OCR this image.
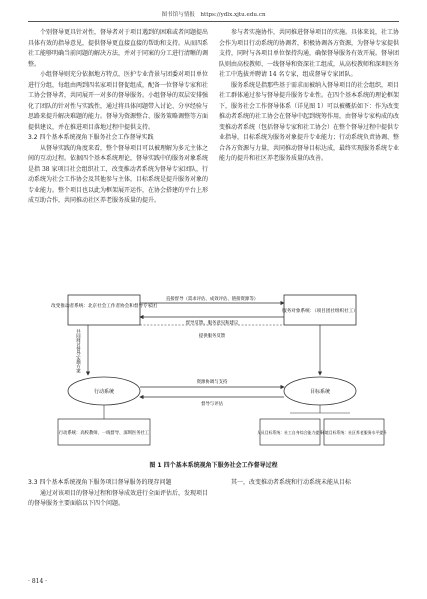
图书馆与情报 https://ydlx.xjtu.edu.cn

个别督导更具针对性，督导者对于项目遇到的困难或者问题提出具体有效的指导意见，提供督导更直接直接的帮助和支持。从而四系社工能够明确当前问题的解决方法，并对于同案的分工进行清晰的调整。

小组督导则充分依据地方特点，医护专业背景与团委对项目单位进行分组，每组由两到四名家项目督促组成，配备一位督导专家和社工协会督导者，共同展开一对多的督导服务。小组督导的双层安排强化了团队的针对性与实践性，通过将具体问题带入讨论、分享经验与思路来提升解决难题的能力。督导为资源整合、服务策略调整等方面提供建议，并在推进项目落地过程中提供支持。

3.2 四个基本系统视角下服务社会工作督导实践

从督导实践的角度来看，整个督导项目可以被理解为多元主体之间的互动过程。依据四个基本系统理论，督导实践中的服务对象系统是指 38 家项目社会组织社工，改变推动者系统为督导专家团队，行动系统为社会工作协会及其他参与主体，目标系统是提升服务对象的专业能力。整个项目也以此为框架展开运作，在协会搭建的平台上形成互助合作，共同推动社区养老服务质量的提升。

参与者实施协作，共同推进督导项目的实施。具体来说，社工协会作为项目行动系统的协调者，积极协调各方资源，为督导专家提供支持，同时与各项目单位保持沟通，确保督导服务有效开展。督导团队则由高校教师、一线督导和资深社工组成，从高校教师和深圳医务社工中选拔并聘请 14 名专家，组成督导专家团队。

服务系统是指那些基于需求而被纳入督导项目的社会组织，项目社工群体通过参与督导提升服务专业性。在四个基本系统的理论框架下，服务社会工作督导体系（详见图 1）可以被概括如下：作为改变推动者系统的社工协会在督导中起到统筹作用，由督导专家构成的改变推动者系统（包括督导专家和社工协会）在整个督导过程中提供专业指导，目标系统为服务对象提升专业能力；行动系统负责协调、整合各方资源与力量，共同推动督导目标达成，最终实现服务系统专业能力的提升和社区养老服务质量的改善。

改变推动者系统：北京社会工作者协会和督导专家团
服务对象系统：（项目团社组织社工）
直接督导（需求评估、成效评估、链接资源等）
督导反馈、服务意见和建议
提供服务反馈
共同商讨督导实施方案
行动系统	目标系统
资源协调与支持
督导与评估
行动系统：高校教师、一线督导、深圳医务社工	人员目标系统：社工自身综合能力提升
环境目标系统：社区养老服务水平提升
图 1 四个基本系统视角下服务社会工作督导过程
3.3 四个基本系统视角下服务项目督导服务的现存问题

通过对该项目的督导过程和督导成效进行全面评估后，发现项目的督导服务主要面临以下四个问题。

其一，改变推动者系统和行动系统未能从目标

· 814 ·
